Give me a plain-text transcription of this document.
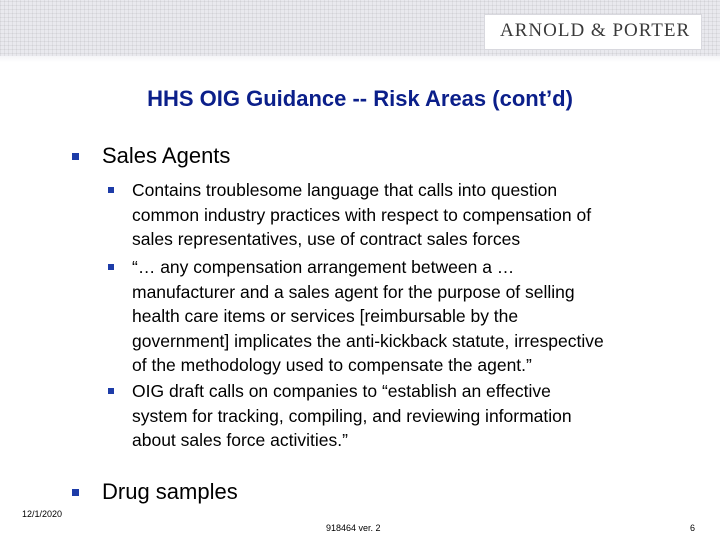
ARNOLD & PORTER
HHS OIG Guidance -- Risk Areas (cont’d)
Sales Agents
Contains troublesome language that calls into question
common industry practices with respect to compensation of
sales representatives, use of contract sales forces
“… any compensation arrangement between a …
manufacturer and a sales agent for the purpose of selling
health care items or services [reimbursable by the
government] implicates the anti-kickback statute, irrespective
of the methodology used to compensate the agent.”
OIG draft calls on companies to “establish an effective
system for tracking, compiling, and reviewing information
about sales force activities.”
Drug samples
12/1/2020
918464 ver. 2	6
